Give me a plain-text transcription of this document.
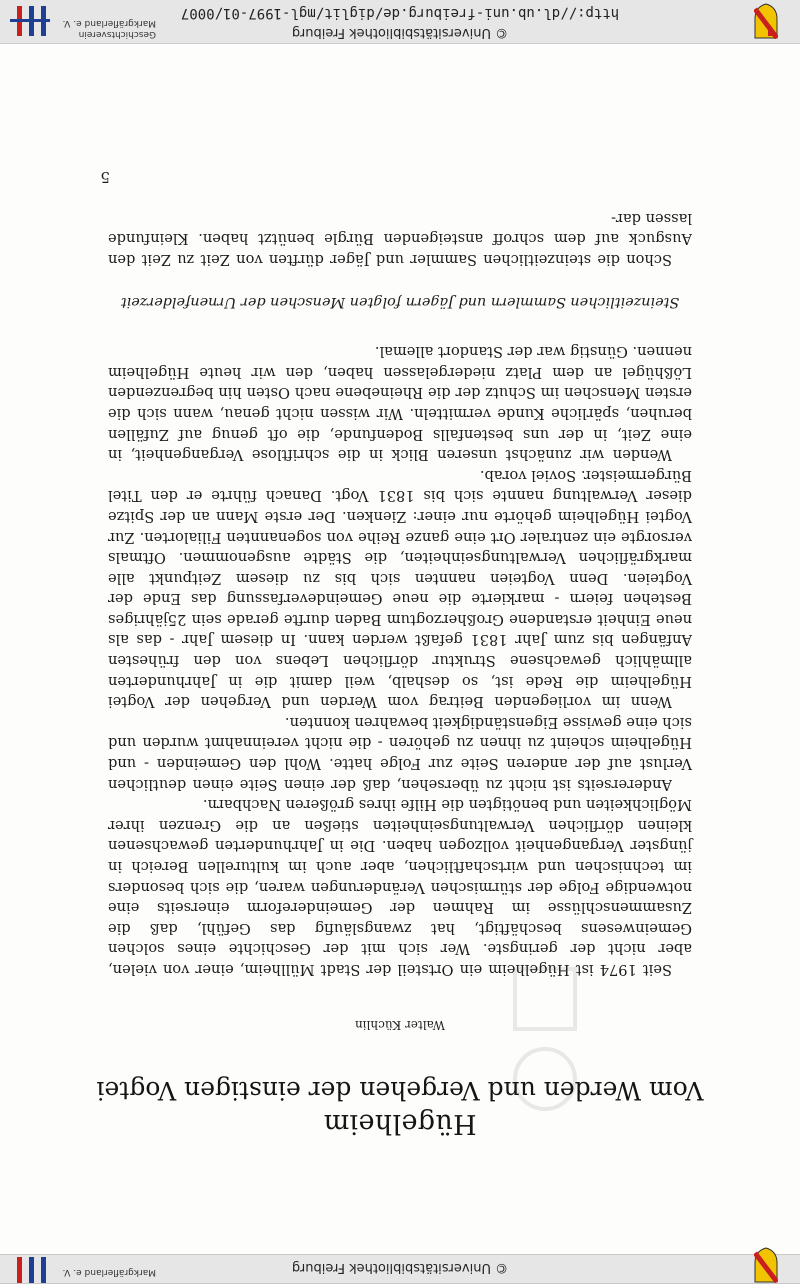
© Universitätsbibliothek Freiburg
Markgräflerland e. V.
Hügelheim
Vom Werden und Vergehen der einstigen Vogtei
Walter Küchlin

Seit 1974 ist Hügelheim ein Ortsteil der Stadt Müllheim, einer von vielen, aber nicht der geringste. Wer sich mit der Geschichte eines solchen Gemeinwesens beschäftigt, hat zwangsläufig das Gefühl, daß die Zusammenschlüsse im Rahmen der Gemeindereform einerseits eine notwendige Folge der stürmischen Veränderungen waren, die sich besonders im technischen und wirtschaftlichen, aber auch im kulturellen Bereich in jüngster Vergangenheit vollzogen haben. Die in Jahrhunderten gewachsenen kleinen dörflichen Verwaltungseinheiten stießen an die Grenzen ihrer Möglichkeiten und benötigten die Hilfe ihres größeren Nachbarn.

Andererseits ist nicht zu übersehen, daß der einen Seite einen deutlichen Verlust auf der anderen Seite zur Folge hatte. Wohl den Gemeinden - und Hügelheim scheint zu ihnen zu gehören - die nicht vereinnahmt wurden und sich eine gewisse Eigenständigkeit bewahren konnten.

Wenn im vorliegenden Beitrag vom Werden und Vergehen der Vogtei Hügelheim die Rede ist, so deshalb, weil damit die in Jahrhunderten allmählich gewachsene Struktur dörflichen Lebens von den frühesten Anfängen bis zum Jahr 1831 gefaßt werden kann. In diesem Jahr - das als neue Einheit erstandene Großherzogtum Baden durfte gerade sein 25jähriges Bestehen feiern - markierte die neue Gemeindeverfassung das Ende der Vogteien. Denn Vogteien nannten sich bis zu diesem Zeitpunkt alle markgräflichen Verwaltungseinheiten, die Städte ausgenommen. Oftmals versorgte ein zentraler Ort eine ganze Reihe von sogenannten Filialorten. Zur Vogtei Hügelheim gehörte nur einer: Zienken. Der erste Mann an der Spitze dieser Verwaltung nannte sich bis 1831 Vogt. Danach führte er den Titel Bürgermeister. Soviel vorab.

Wenden wir zunächst unseren Blick in die schriftlose Vergangenheit, in eine Zeit, in der uns bestenfalls Bodenfunde, die oft genug auf Zufällen beruhen, spärliche Kunde vermitteln. Wir wissen nicht genau, wann sich die ersten Menschen im Schutz der die Rheinebene nach Osten hin begrenzenden Lößhügel an dem Platz niedergelassen haben, den wir heute Hügelheim nennen. Günstig war der Standort allemal.

Steinzeitlichen Sammlern und Jägern folgten Menschen der Urnenfelderzeit

Schon die steinzeitlichen Sammler und Jäger dürften von Zeit zu Zeit den Ausguck auf dem schroff ansteigenden Bürgle benützt haben. Kleinfunde lassen dar-

5
© Universitätsbibliothek Freiburg
http://dl.ub.uni-freiburg.de/diglit/mgl-1997-01/0007
Geschichtsverein
Markgräflerland e. V.
